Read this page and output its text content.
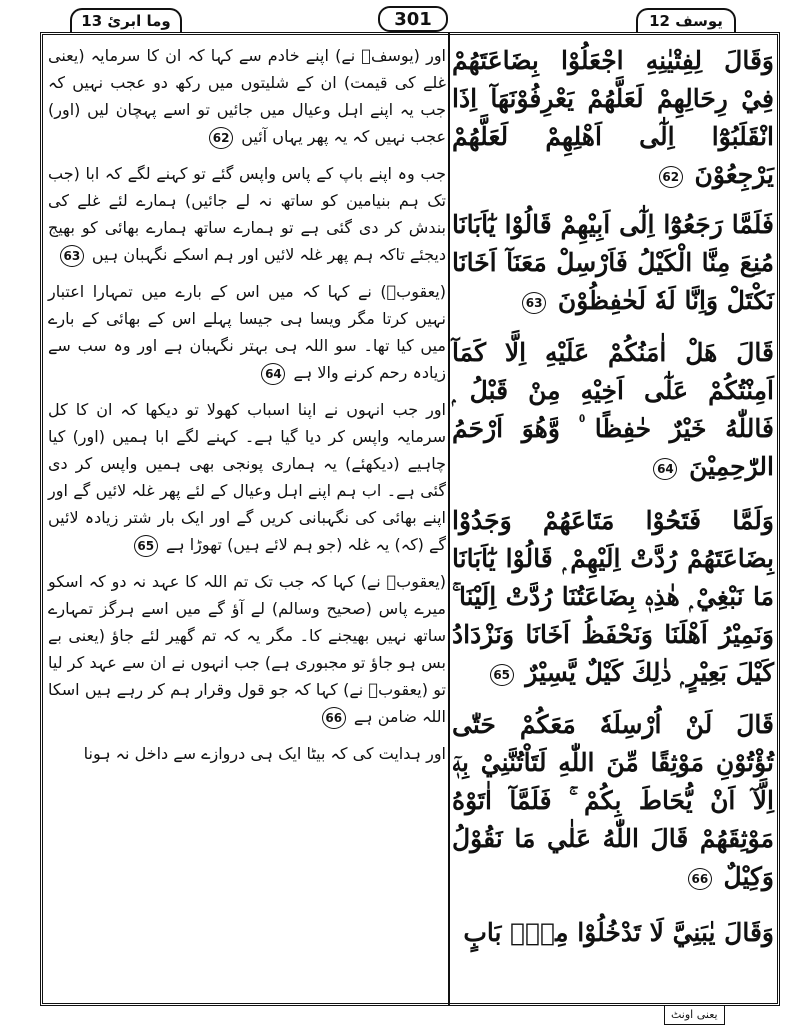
وما ابرئ 13	301	یوسف 12

وَقَالَ لِفِتْيٰنِهِ اجْعَلُوْا بِضَاعَتَهُمْ فِيْ رِحَالِهِمْ لَعَلَّهُمْ يَعْرِفُوْنَهَآ اِذَا انْقَلَبُوْٓا اِلٰٓى اَهْلِهِمْ لَعَلَّهُمْ يَرْجِعُوْنَ 62

فَلَمَّا رَجَعُوْٓا اِلٰٓى اَبِيْهِمْ قَالُوْا يٰٓاَبَانَا مُنِعَ مِنَّا الْكَيْلُ فَاَرْسِلْ مَعَنَآ اَخَانَا نَكْتَلْ وَاِنَّا لَهٗ لَحٰفِظُوْنَ 63

قَالَ هَلْ اٰمَنُكُمْ عَلَيْهِ اِلَّا كَمَآ اَمِنْتُكُمْ عَلٰٓى اَخِيْهِ مِنْ قَبْلُ ۭ فَاللّٰهُ خَيْرٌ حٰفِظًا ۠ وَّهُوَ اَرْحَمُ الرّٰحِمِيْنَ 64

وَلَمَّا فَتَحُوْا مَتَاعَهُمْ وَجَدُوْا بِضَاعَتَهُمْ رُدَّتْ اِلَيْهِمْ ۭ قَالُوْا يٰٓاَبَانَا مَا نَبْغِيْ ۭ هٰذِهٖ بِضَاعَتُنَا رُدَّتْ اِلَيْنَا ۚ وَنَمِيْرُ اَهْلَنَا وَنَحْفَظُ اَخَانَا وَنَزْدَادُ كَيْلَ بَعِيْرٍ ۭ ذٰلِكَ كَيْلٌ يَّسِيْرٌ 65

قَالَ لَنْ اُرْسِلَهٗ مَعَكُمْ حَتّٰى تُؤْتُوْنِ مَوْثِقًا مِّنَ اللّٰهِ لَتَاْتُنَّنِيْ بِهٖٓ اِلَّآ اَنْ يُّحَاطَ بِكُمْ ۚ فَلَمَّآ اٰتَوْهُ مَوْثِقَهُمْ قَالَ اللّٰهُ عَلٰي مَا نَقُوْلُ وَكِيْلٌ 66

وَقَالَ يٰبَنِيَّ لَا تَدْخُلُوْا مِنْۢ بَابٍ

اور (یوسفؑ نے) اپنے خادم سے کہا کہ ان کا سرمایہ (یعنی غلے کی قیمت) ان کے شلیتوں میں رکھ دو عجب نہیں کہ جب یہ اپنے اہل وعیال میں جائیں تو اسے پہچان لیں (اور) عجب نہیں کہ یہ پھر یہاں آئیں 62

جب وہ اپنے باپ کے پاس واپس گئے تو کہنے لگے کہ ابا (جب تک ہم بنیامین کو ساتھ نہ لے جائیں) ہمارے لئے غلے کی بندش کر دی گئی ہے تو ہمارے ساتھ ہمارے بھائی کو بھیج دیجئے تاکہ ہم پھر غلہ لائیں اور ہم اسکے نگہبان ہیں 63

(یعقوبؑ) نے کہا کہ میں اس کے بارے میں تمہارا اعتبار نہیں کرتا مگر ویسا ہی جیسا پہلے اس کے بھائی کے بارے میں کیا تھا۔ سو اللہ ہی بہتر نگہبان ہے اور وہ سب سے زیادہ رحم کرنے والا ہے 64

اور جب انہوں نے اپنا اسباب کھولا تو دیکھا کہ ان کا کل سرمایہ واپس کر دیا گیا ہے۔ کہنے لگے ابا ہمیں (اور) کیا چاہیے (دیکھئے) یہ ہماری پونجی بھی ہمیں واپس کر دی گئی ہے۔ اب ہم اپنے اہل وعیال کے لئے پھر غلہ لائیں گے اور اپنے بھائی کی نگہبانی کریں گے اور ایک بار شتر زیادہ لائیں گے (کہ) یہ غلہ (جو ہم لائے ہیں) تھوڑا ہے 65

(یعقوبؑ نے) کہا کہ جب تک تم اللہ کا عہد نہ دو کہ اسکو میرے پاس (صحیح وسالم) لے آؤ گے میں اسے ہرگز تمہارے ساتھ نہیں بھیجنے کا۔ مگر یہ کہ تم گھیر لئے جاؤ (یعنی بے بس ہو جاؤ تو مجبوری ہے) جب انہوں نے ان سے عہد کر لیا تو (یعقوبؑ نے) کہا کہ جو قول وقرار ہم کر رہے ہیں اسکا اللہ ضامن ہے 66

اور ہدایت کی کہ بیٹا ایک ہی دروازے سے داخل نہ ہونا

یعنی اونٹ
